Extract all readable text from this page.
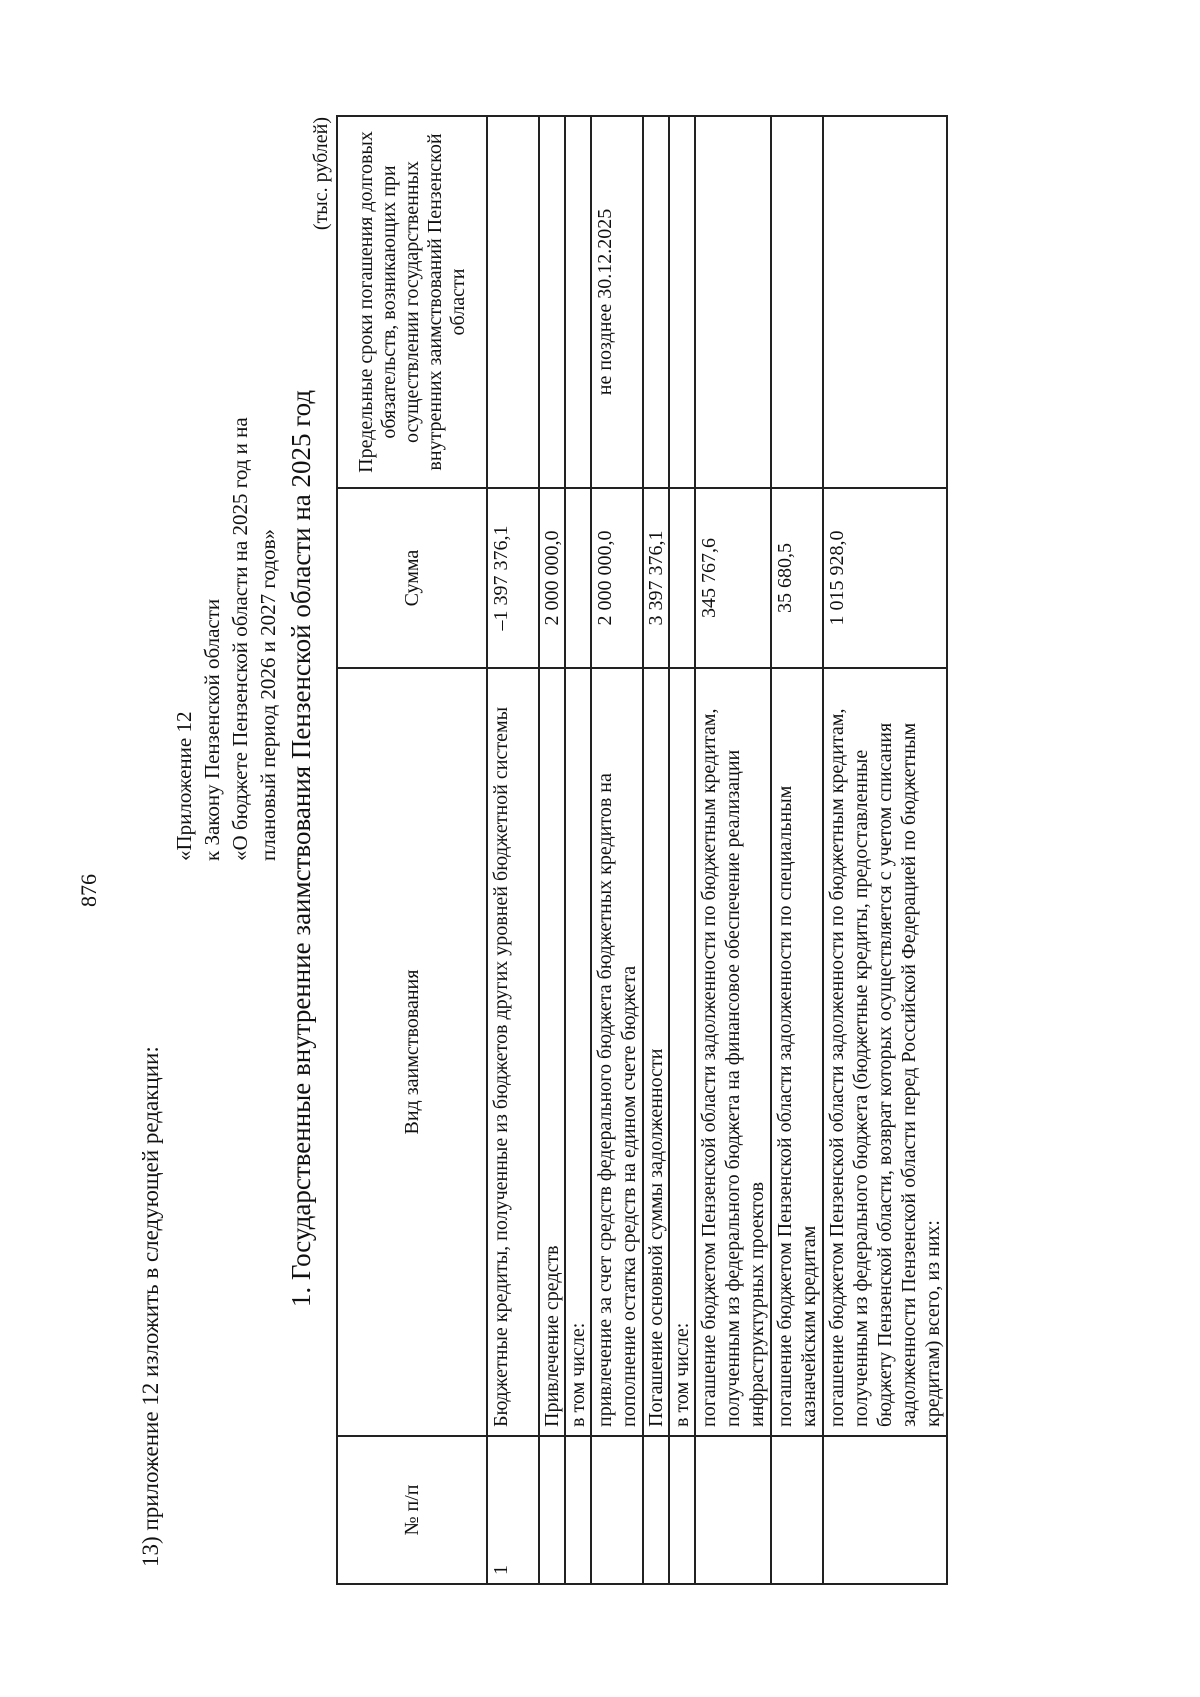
876
13) приложение 12 изложить в следующей редакции:
«Приложение 12 к Закону Пензенской области «О бюджете Пензенской области на 2025 год и на плановый период 2026 и 2027 годов» 1. Государственные внутренние заимствования Пензенской области на 2025 год
(тыс. рублей)
№ п/п	Вид заимствования	Сумма	Предельные сроки погашения долговых обязательств, возникающих при осуществлении государственных внутренних заимствований Пензенской области
1	Бюджетные кредиты, полученные из бюджетов других уровней бюджетной системы	–1 397 376,1	
	Привлечение средств	2 000 000,0	
	в том числе:		
	привлечение за счет средств федерального бюджета бюджетных кредитов на пополнение остатка средств на едином счете бюджета	2 000 000,0	не позднее 30.12.2025
	Погашение основной суммы задолженности	3 397 376,1	
	в том числе:		
	погашение бюджетом Пензенской области задолженности по бюджетным кредитам, полученным из федерального бюджета на финансовое обеспечение реализации инфраструктурных проектов	345 767,6	
	погашение бюджетом Пензенской области задолженности по специальным казначейским кредитам	35 680,5	
	погашение бюджетом Пензенской области задолженности по бюджетным кредитам, полученным из федерального бюджета (бюджетные кредиты, предоставленные бюджету Пензенской области, возврат которых осуществляется с учетом списания задолженности Пензенской области перед Российской Федерацией по бюджетным кредитам) всего, из них:	1 015 928,0	
